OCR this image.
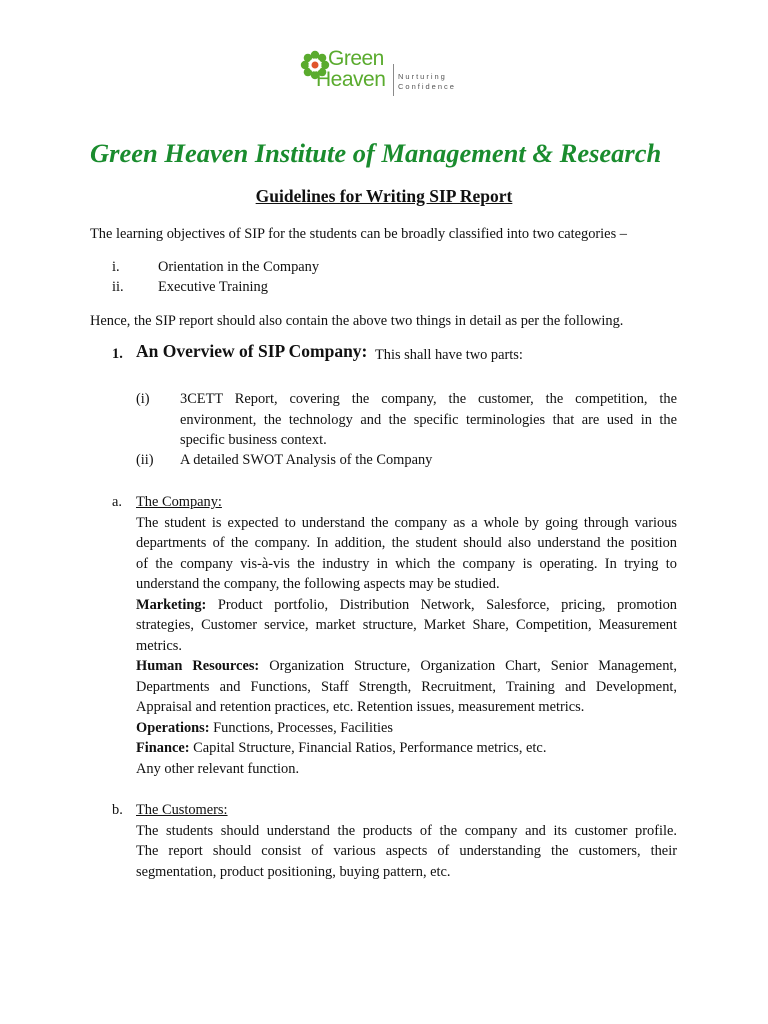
Green
Heaven Nurturing
Confidence
Green Heaven Institute of Management & Research
Guidelines for Writing SIP Report
The learning objectives of SIP for the students can be broadly classified into two categories –
i.	Orientation in the Company
ii.	Executive Training
Hence, the SIP report should also contain the above two things in detail as per the following.
1. An Overview of SIP Company: This shall have two parts:
(i) 3CETT Report, covering the company, the customer, the competition, the
environment, the technology and the specific terminologies that are used in the
specific business context.
(ii) A detailed SWOT Analysis of the Company
a. The Company:
The student is expected to understand the company as a whole by going through various
departments of the company. In addition, the student should also understand the position
of the company vis-à-vis the industry in which the company is operating. In trying to
understand the company, the following aspects may be studied.
Marketing: Product portfolio, Distribution Network, Salesforce, pricing, promotion
strategies, Customer service, market structure, Market Share, Competition, Measurement
metrics.
Human Resources: Organization Structure, Organization Chart, Senior Management,
Departments and Functions, Staff Strength, Recruitment, Training and Development,
Appraisal and retention practices, etc. Retention issues, measurement metrics.
Operations: Functions, Processes, Facilities
Finance: Capital Structure, Financial Ratios, Performance metrics, etc.
Any other relevant function.
b. The Customers:
The students should understand the products of the company and its customer profile.
The report should consist of various aspects of understanding the customers, their
segmentation, product positioning, buying pattern, etc.
